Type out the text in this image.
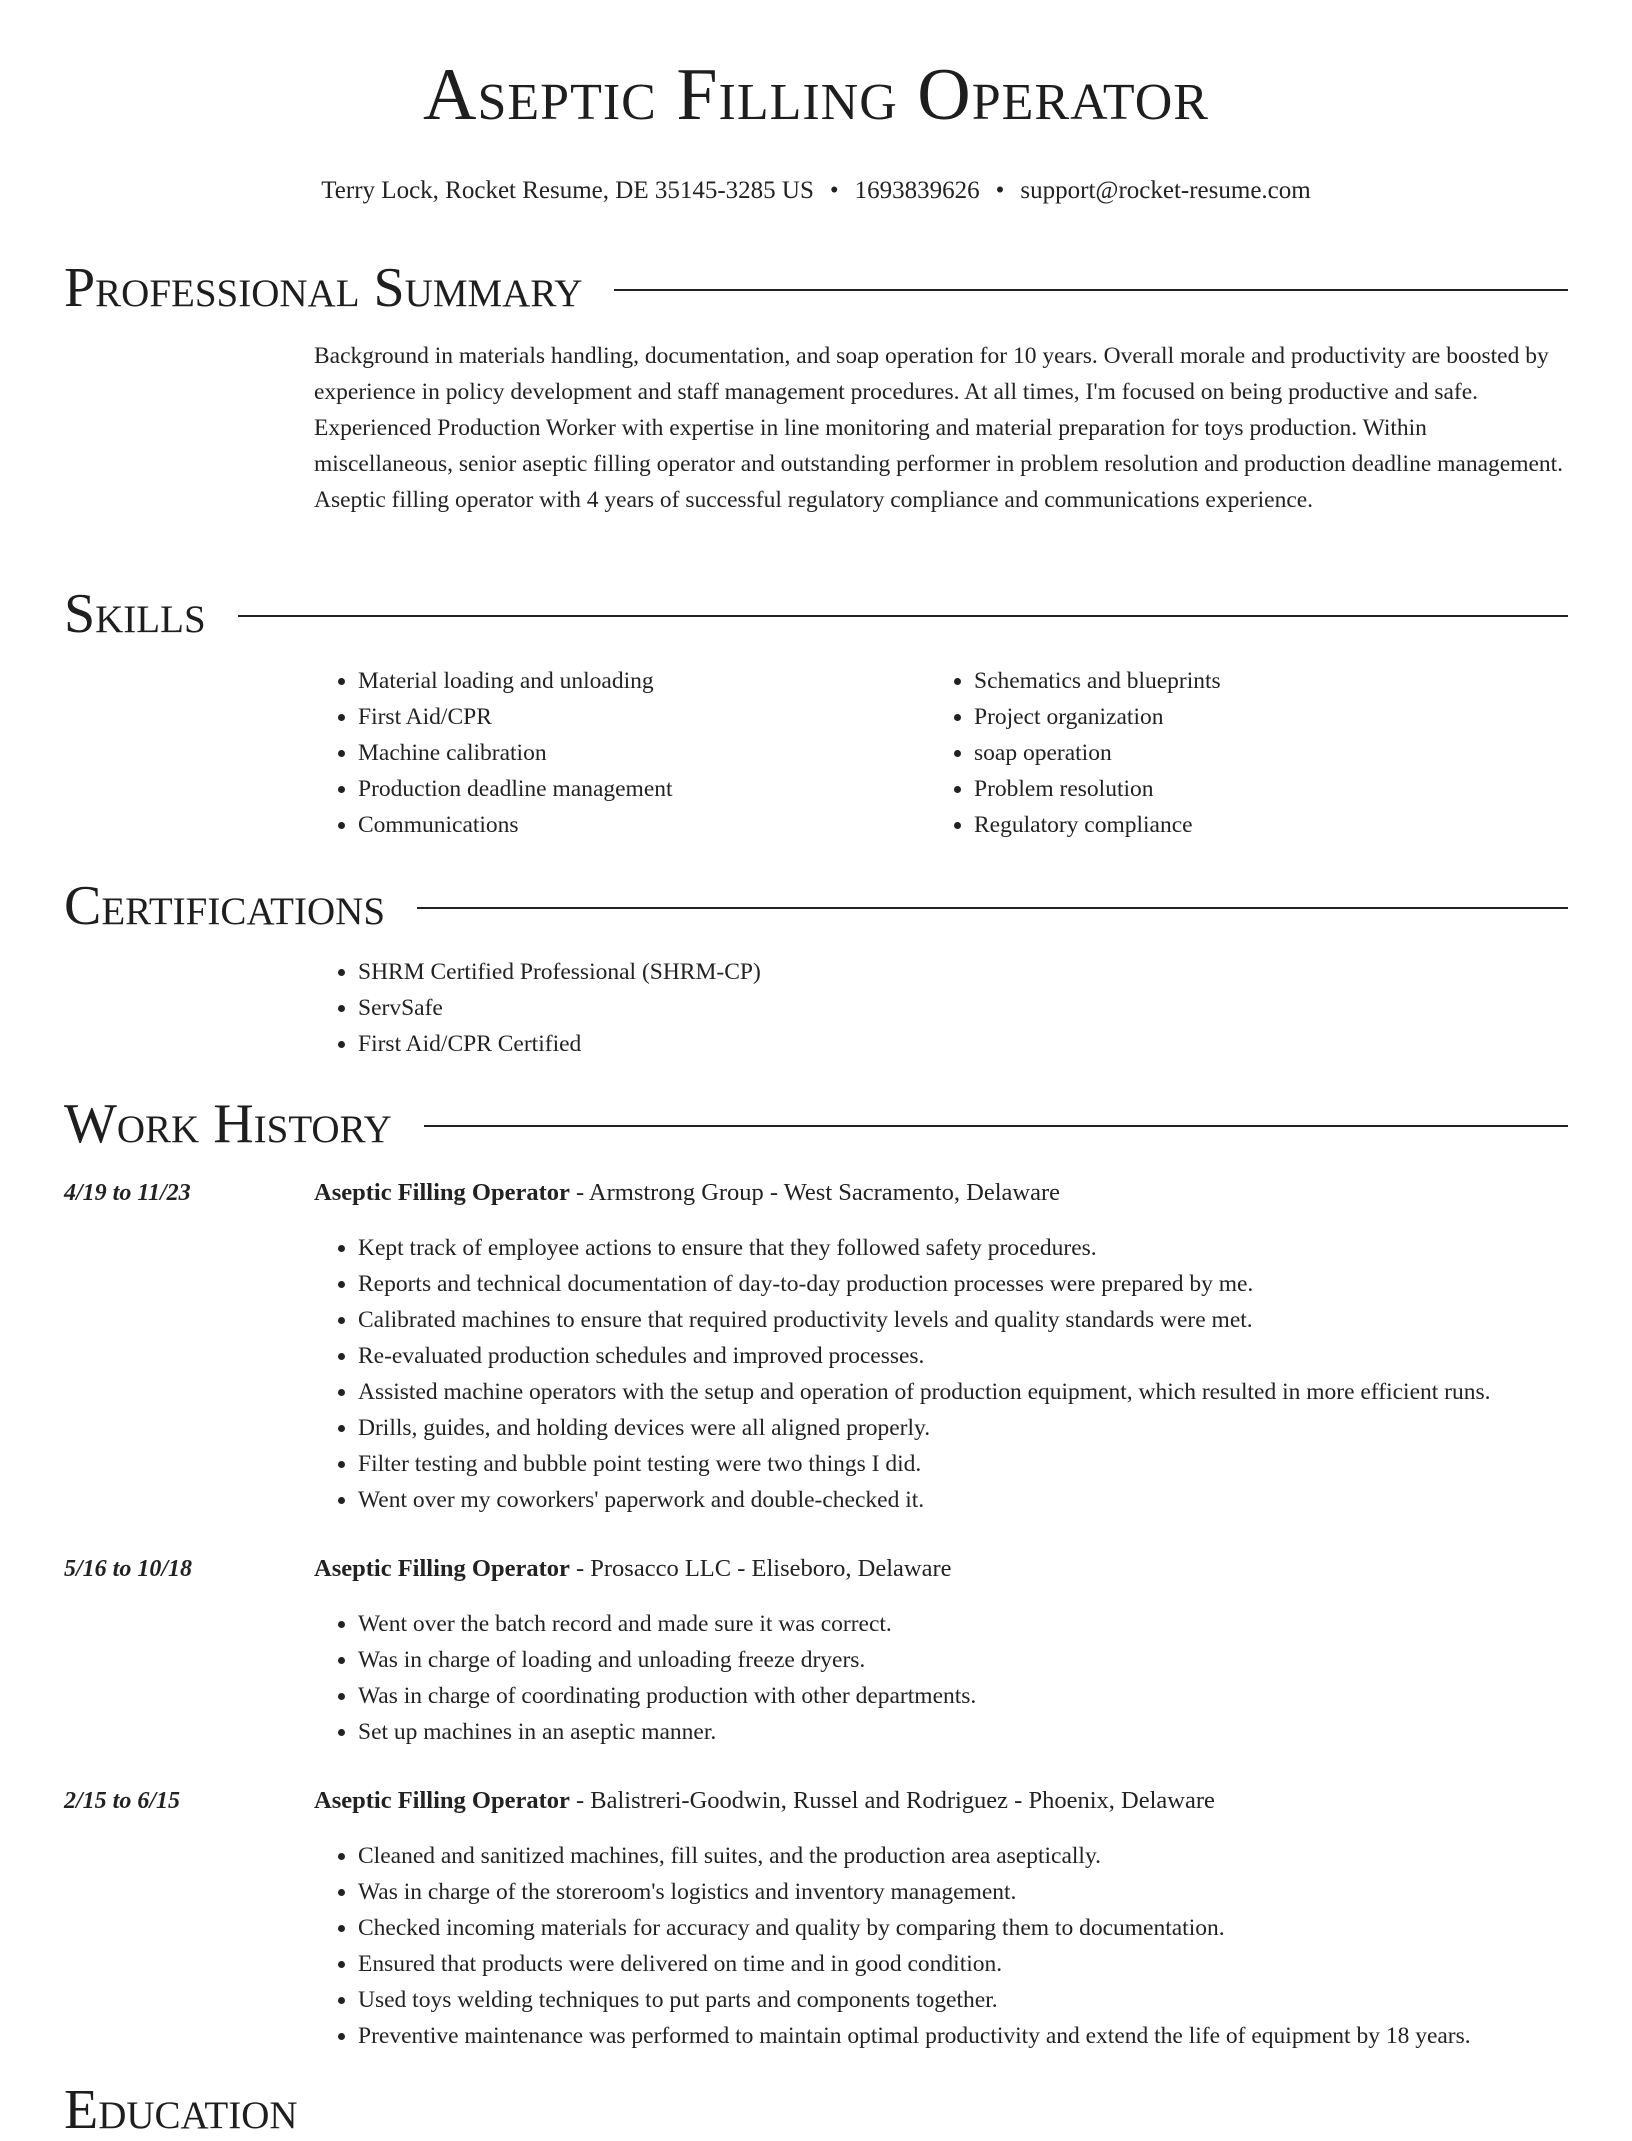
Aseptic Filling Operator
Terry Lock, Rocket Resume, DE 35145-3285 US • 1693839626 • support@rocket-resume.com
Professional Summary
Background in materials handling, documentation, and soap operation for 10 years. Overall morale and productivity are boosted by experience in policy development and staff management procedures. At all times, I'm focused on being productive and safe. Experienced Production Worker with expertise in line monitoring and material preparation for toys production. Within miscellaneous, senior aseptic filling operator and outstanding performer in problem resolution and production deadline management. Aseptic filling operator with 4 years of successful regulatory compliance and communications experience.
Skills
• Material loading and unloading
• First Aid/CPR
• Machine calibration
• Production deadline management
• Communications
• Schematics and blueprints
• Project organization
• soap operation
• Problem resolution
• Regulatory compliance
Certifications
• SHRM Certified Professional (SHRM-CP)
• ServSafe
• First Aid/CPR Certified
Work History
4/19 to 11/23	Aseptic Filling Operator - Armstrong Group - West Sacramento, Delaware
• Kept track of employee actions to ensure that they followed safety procedures.
• Reports and technical documentation of day-to-day production processes were prepared by me.
• Calibrated machines to ensure that required productivity levels and quality standards were met.
• Re-evaluated production schedules and improved processes.
• Assisted machine operators with the setup and operation of production equipment, which resulted in more efficient runs.
• Drills, guides, and holding devices were all aligned properly.
• Filter testing and bubble point testing were two things I did.
• Went over my coworkers' paperwork and double-checked it.
5/16 to 10/18	Aseptic Filling Operator - Prosacco LLC - Eliseboro, Delaware
• Went over the batch record and made sure it was correct.
• Was in charge of loading and unloading freeze dryers.
• Was in charge of coordinating production with other departments.
• Set up machines in an aseptic manner.
2/15 to 6/15	Aseptic Filling Operator - Balistreri-Goodwin, Russel and Rodriguez - Phoenix, Delaware
• Cleaned and sanitized machines, fill suites, and the production area aseptically.
• Was in charge of the storeroom's logistics and inventory management.
• Checked incoming materials for accuracy and quality by comparing them to documentation.
• Ensured that products were delivered on time and in good condition.
• Used toys welding techniques to put parts and components together.
• Preventive maintenance was performed to maintain optimal productivity and extend the life of equipment by 18 years.
Education
